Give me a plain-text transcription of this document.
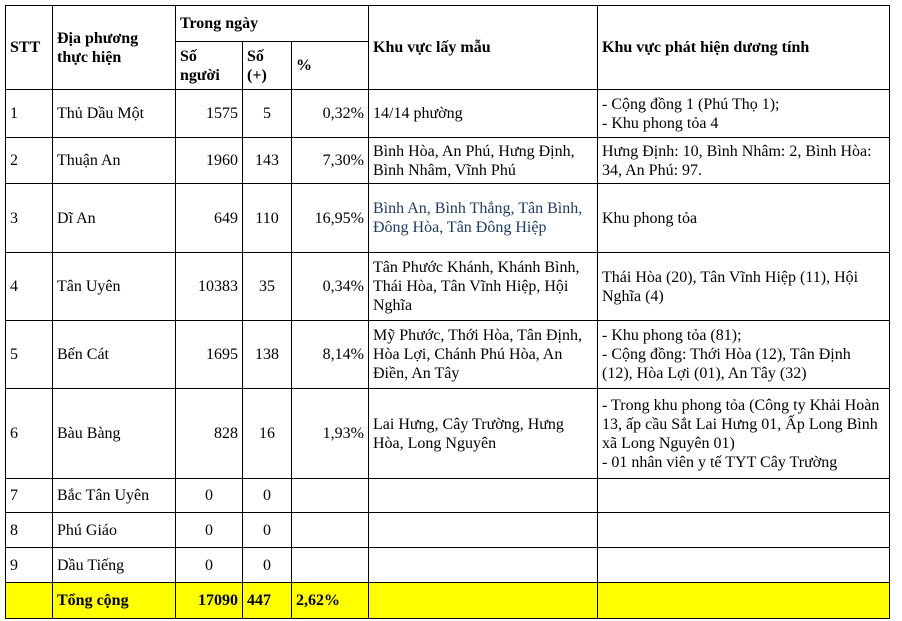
STT	Địa phương thực hiện	Trong ngày			Khu vực lấy mẫu	Khu vực phát hiện dương tính
		Số người	Số (+)	%		
1	Thủ Dầu Một	1575	5	0,32%	14/14 phường	- Cộng đồng 1 (Phú Thọ 1);
- Khu phong tỏa 4
2	Thuận An	1960	143	7,30%	Bình Hòa, An Phú, Hưng Định, Bình Nhâm, Vĩnh Phú	Hưng Định: 10, Bình Nhâm: 2, Bình Hòa: 34, An Phú: 97.
3	Dĩ An	649	110	16,95%	Bình An, Bình Thắng, Tân Bình, Đông Hòa, Tân Đông Hiệp	Khu phong tỏa
4	Tân Uyên	10383	35	0,34%	Tân Phước Khánh, Khánh Bình, Thái Hòa, Tân Vĩnh Hiệp, Hội Nghĩa	Thái Hòa (20), Tân Vĩnh Hiệp (11), Hội Nghĩa (4)
5	Bến Cát	1695	138	8,14%	Mỹ Phước, Thới Hòa, Tân Định, Hòa Lợi, Chánh Phú Hòa, An Điền, An Tây	- Khu phong tỏa (81);
- Cộng đồng: Thới Hòa (12), Tân Định (12), Hòa Lợi (01), An Tây (32)
6	Bàu Bàng	828	16	1,93%	Lai Hưng, Cây Trường, Hưng Hòa, Long Nguyên	- Trong khu phong tỏa (Công ty Khải Hoàn 13, ấp cầu Sắt Lai Hưng 01, Ấp Long Bình xã Long Nguyên 01)
- 01 nhân viên y tế TYT Cây Trường
7	Bắc Tân Uyên	0	0			
8	Phú Giáo	0	0			
9	Dầu Tiếng	0	0			
	Tổng cộng	17090	447	2,62%		
